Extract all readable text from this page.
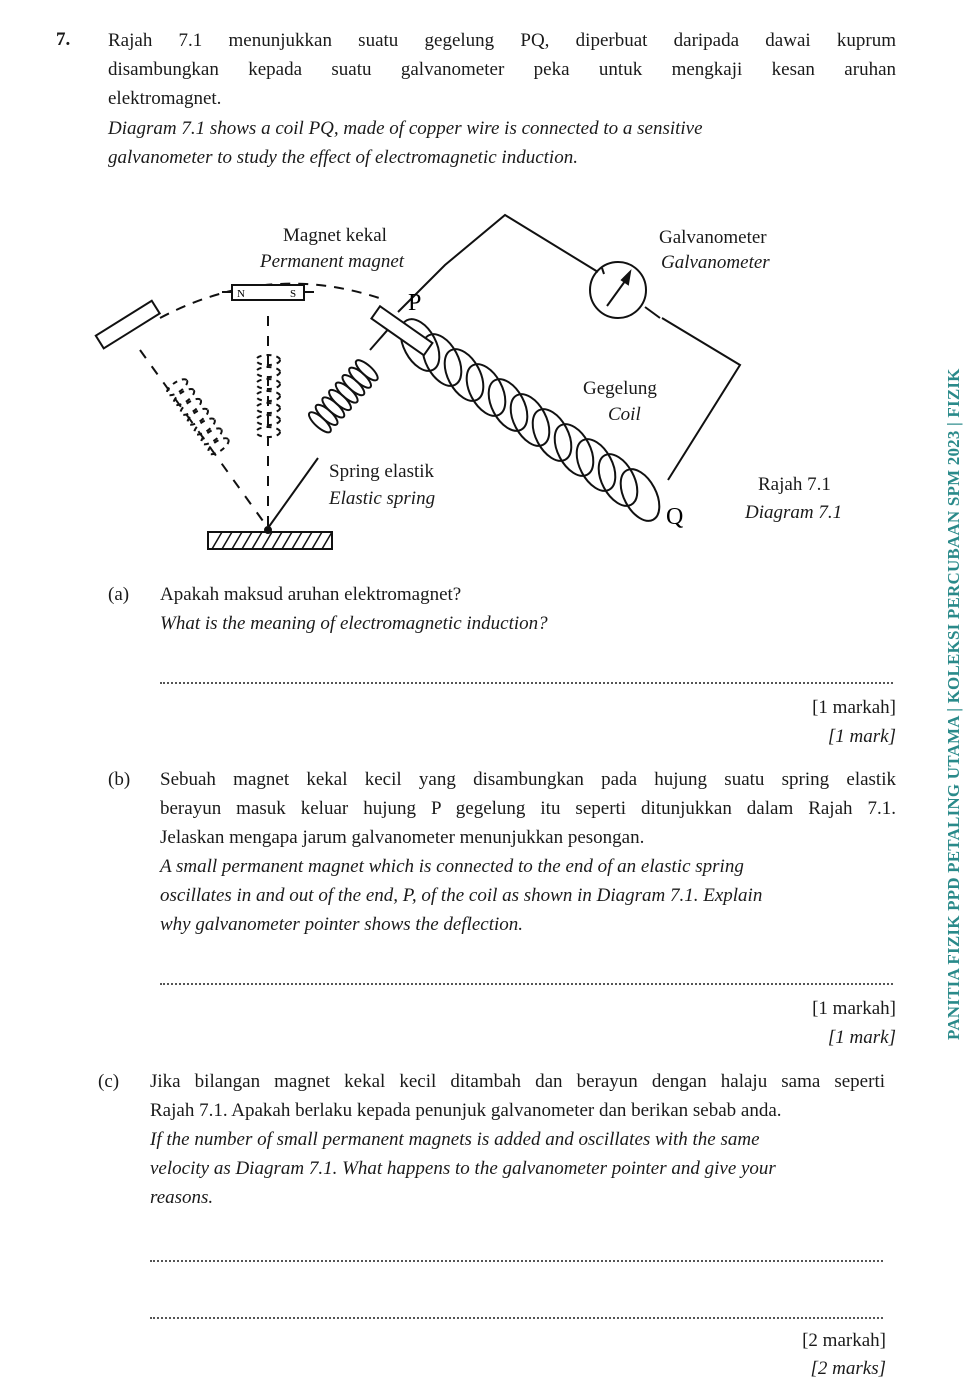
7. Rajah 7.1 menunjukkan suatu gegelung PQ, diperbuat daripada dawai kuprum
disambungkan kepada suatu galvanometer peka untuk mengkaji kesan aruhan
elektromagnet.
Diagram 7.1 shows a coil PQ, made of copper wire is connected to a sensitive
galvanometer to study the effect of electromagnetic induction.
N	S	P
Q
Magnet kekal
Permanent magnet
Galvanometer
Galvanometer
Gegelung
Coil
Spring elastik
Elastic spring
Rajah 7.1
Diagram 7.1
(a) Apakah maksud aruhan elektromagnet?
What is the meaning of electromagnetic induction?
[1 markah]
[1 mark]
(b) Sebuah magnet kekal kecil yang disambungkan pada hujung suatu spring elastik
berayun masuk keluar hujung P gegelung itu seperti ditunjukkan dalam Rajah 7.1.
Jelaskan mengapa jarum galvanometer menunjukkan pesongan.
A small permanent magnet which is connected to the end of an elastic spring
oscillates in and out of the end, P, of the coil as shown in Diagram 7.1. Explain
why galvanometer pointer shows the deflection.
[1 markah]
[1 mark]
(c) Jika bilangan magnet kekal kecil ditambah dan berayun dengan halaju sama seperti
Rajah 7.1. Apakah berlaku kepada penunjuk galvanometer dan berikan sebab anda.
If the number of small permanent magnets is added and oscillates with the same
velocity as Diagram 7.1. What happens to the galvanometer pointer and give your
reasons.
[2 markah]
[2 marks]
PANITIA FIZIK PPD PETALING UTAMA | KOLEKSI PERCUBAAN SPM 2023 | FIZIK
